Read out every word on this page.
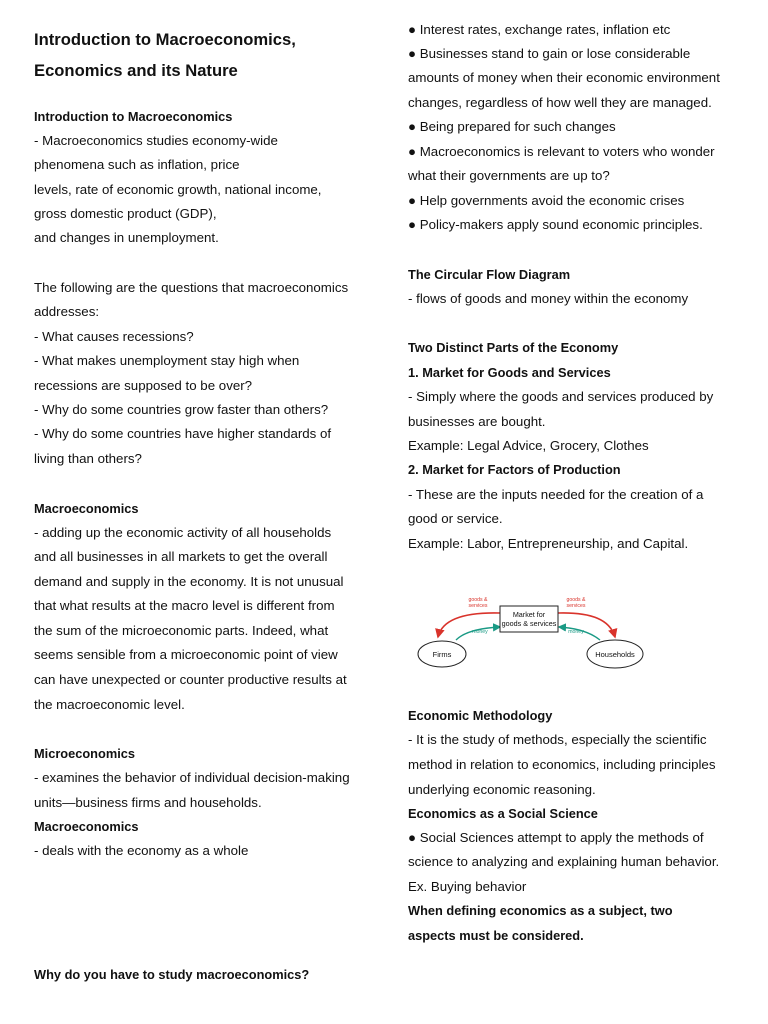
Introduction to Macroeconomics,
Economics and its Nature
Introduction to Macroeconomics
- Macroeconomics studies economy-wide
phenomena such as inflation, price
levels, rate of economic growth, national income,
gross domestic product (GDP),
and changes in unemployment.
The following are the questions that macroeconomics
addresses:
- What causes recessions?
- What makes unemployment stay high when
recessions are supposed to be over?
- Why do some countries grow faster than others?
- Why do some countries have higher standards of
living than others?
Macroeconomics
- adding up the economic activity of all households
and all businesses in all markets to get the overall
demand and supply in the economy. It is not unusual
that what results at the macro level is different from
the sum of the microeconomic parts. Indeed, what
seems sensible from a microeconomic point of view
can have unexpected or counter productive results at
the macroeconomic level.
Microeconomics
- examines the behavior of individual decision-making
units—business firms and households.
Macroeconomics
- deals with the economy as a whole
Why do you have to study macroeconomics?
● Interest rates, exchange rates, inflation etc
● Businesses stand to gain or lose considerable
amounts of money when their economic environment
changes, regardless of how well they are managed.
● Being prepared for such changes
● Macroeconomics is relevant to voters who wonder
what their governments are up to?
● Help governments avoid the economic crises
● Policy-makers apply sound economic principles.
The Circular Flow Diagram
- flows of goods and money within the economy
Two Distinct Parts of the Economy
1. Market for Goods and Services
- Simply where the goods and services produced by
businesses are bought.
Example: Legal Advice, Grocery, Clothes
2. Market for Factors of Production
- These are the inputs needed for the creation of a
good or service.
Example: Labor, Entrepreneurship, and Capital.
Economic Methodology
- It is the study of methods, especially the scientific
method in relation to economics, including principles
underlying economic reasoning.
Economics as a Social Science
● Social Sciences attempt to apply the methods of
science to analyzing and explaining human behavior.
Ex. Buying behavior
When defining economics as a subject, two
aspects must be considered.
Market for
goods & services
Firms	Households
goods &
services
goods &
services
money	money
